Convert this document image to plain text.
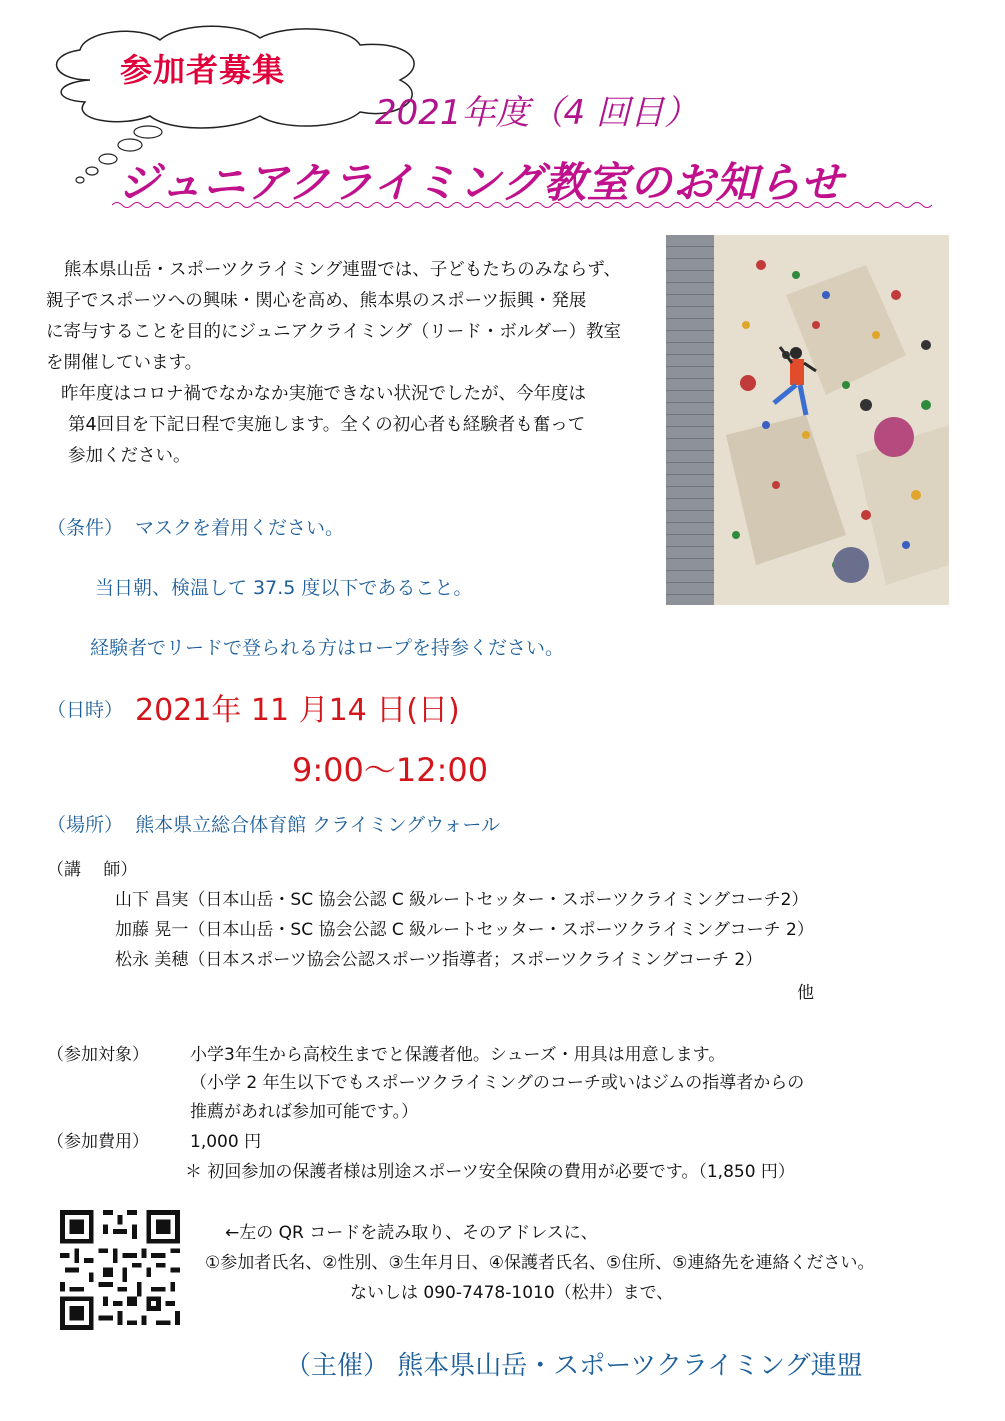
参加者募集
2021年度（4 回目）
ジュニアクライミング教室のお知らせ

熊本県山岳・スポーツクライミング連盟では、子どもたちのみならず、

親子でスポーツへの興味・関心を高め、熊本県のスポーツ振興・発展

に寄与することを目的にジュニアクライミング（リード・ボルダー）教室

を開催しています。

昨年度はコロナ禍でなかなか実施できない状況でしたが、今年度は

第4回目を下記日程で実施します。全くの初心者も経験者も奮って

参加ください。

（条件） マスクを着用ください。
当日朝、検温して 37.5 度以下であること。
経験者でリードで登られる方はロープを持参ください。
（日時） 2021年 11 月14 日(日)
9:00～12:00
（場所） 熊本県立総合体育館 クライミングウォール
（講　 師）
山下 昌実（日本山岳・SC 協会公認 C 級ルートセッター・スポーツクライミングコーチ2）
加藤 晃一（日本山岳・SC 協会公認 C 級ルートセッター・スポーツクライミングコーチ 2）
松永 美穂（日本スポーツ協会公認スポーツ指導者；スポーツクライミングコーチ 2）
他
（参加対象） 小学3年生から高校生までと保護者他。シューズ・用具は用意します。
（小学 2 年生以下でもスポーツクライミングのコーチ或いはジムの指導者からの
推薦があれば参加可能です。）
（参加費用） 1,000 円
＊ 初回参加の保護者様は別途スポーツ安全保険の費用が必要です。（1,850 円）
←左の QR コードを読み取り、そのアドレスに、
①参加者氏名、②性別、③生年月日、④保護者氏名、⑤住所、⑤連絡先を連絡ください。
ないしは 090-7478-1010（松井）まで、
（主催） 熊本県山岳・スポーツクライミング連盟
